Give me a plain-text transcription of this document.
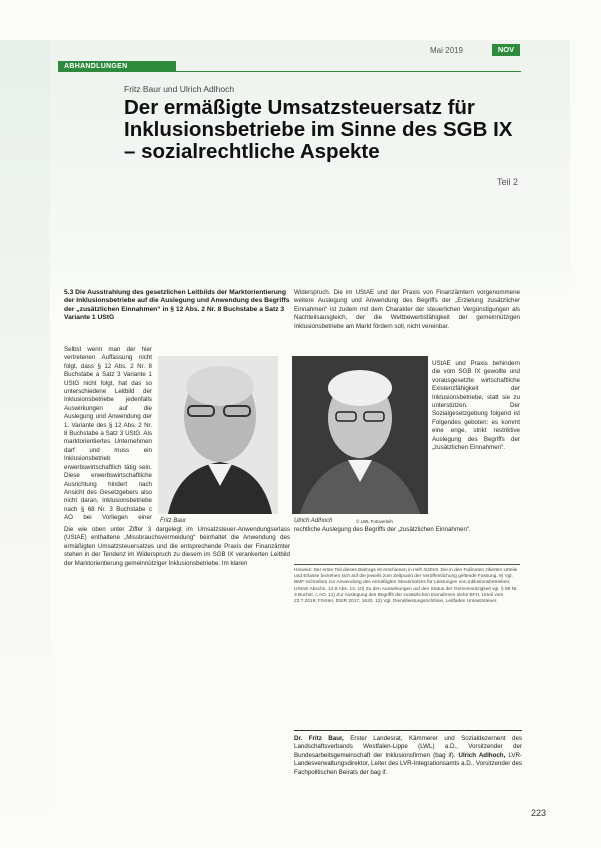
Mai 2019	NOV
ABHANDLUNGEN
Fritz Baur und Ulrich Adlhoch
Der ermäßigte Umsatzsteuersatz für Inklusionsbetriebe im Sinne des SGB IX – sozialrechtliche Aspekte
Teil 2
5.3 Die Ausstrahlung des gesetzlichen Leitbilds der Marktorientierung der Inklusionsbetriebe auf die Auslegung und Anwendung des Begriffs der „zusätzlichen Einnahmen“ in § 12 Abs. 2 Nr. 8 Buchstabe a Satz 3 Variante 1 UStG

Selbst wenn man der hier vertretenen Auffassung nicht folgt, dass § 12 Abs. 2 Nr. 8 Buchstabe a Satz 3 Variante 1 UStG nicht folgt, hat das so unterschiedene Leitbild der Inklusionsbetriebe jedenfalls Auswirkungen auf die Auslegung und Anwendung der 1. Variante des § 12 Abs. 2 Nr. 8 Buchstabe a Satz 3 UStG. Als marktorientiertes Unternehmen darf und muss ein Inklusionsbetrieb erwerbswirtschaftlich tätig sein. Diese erwerbswirtschaftliche Ausrichtung hindert nach Ansicht des Gesetzgebers also nicht daran, Inklusionsbetriebe nach § 68 Nr. 3 Buchstabe c AO bei Vorliegen einer

Die wie oben unter Ziffer 3 dargelegt im Umsatzsteuer-Anwendungserlass (UStAE) enthaltene „Missbrauchsvermeidung“ beinhaltet die Anwendung des ermäßigten Umsatzsteuersatzes und die entsprechende Praxis der Finanzämter stehen in der Tendenz im Widerspruch zu diesem im SGB IX verankerten Leitbild der Marktorientierung gemeinnütziger Inklusionsbetriebe. Im klaren

Widerspruch. Die im UStAE und der Praxis von Finanzämtern vorgenommene weitere Auslegung und Anwendung des Begriffs der „Erzielung zusätzlicher Einnahmen“ ist zudem mit dem Charakter der steuerlichen Vergünstigungen als Nachteilsausgleich, der die Wettbewerbsfähigkeit der gemeinnützigen Inklusionsbetriebe am Markt fördern soll, nicht vereinbar.

UStAE und Praxis behindern die vom SGB IX gewollte und vorausgesetzte wirtschaftliche Existenzfähigkeit der Inklusionsbetriebe, statt sie zu unterstützen. Der Sozialgesetzgebung folgend ist Folgendes geboten: es kommt eine enge, strikt restriktive Auslegung des Begriffs der „zusätzlichen Einnahmen“.

Fritz Baur	Ulrich Adlhoch	© LWL Fotoverleih

rechtliche Auslegung des Begriffs der „zusätzlichen Einnahmen“.

Hinweis: Der erste Teil dieses Beitrags ist erschienen in Heft 4/2019. Die in den Fußnoten zitierten Urteile und Erlasse beziehen sich auf die jeweils zum Zeitpunkt der Veröffentlichung geltende Fassung. 9) Vgl. BMF-Schreiben zur Anwendung des ermäßigten Steuersatzes für Leistungen von Inklusionsbetrieben; UStAE Abschn. 12.9 Abs. 13. 10) Zu den Auswirkungen auf den Status der Gemeinnützigkeit vgl. § 68 Nr. 3 Buchst. c AO. 11) Zur Auslegung des Begriffs der zusätzlichen Einnahmen siehe BFH, Urteil vom 23.7.2019; Förster, DStR 2017, 1620. 12) Vgl. Dienstleistungsrichtlinie, Leitfaden Umsatzsteuer.
Dr. Fritz Baur, Erster Landesrat, Kämmerer und Sozialdezernent des Landschaftsverbands Westfalen-Lippe (LWL) a.D., Vorsitzender der Bundesarbeitsgemeinschaft der Inklusionsfirmen (bag if). Ulrich Adlhoch, LVR-Landesverwaltungsdirektor, Leiter des LVR-Integrationsamts a.D., Vorsitzender des Fachpolitischen Beirats der bag if.
223
